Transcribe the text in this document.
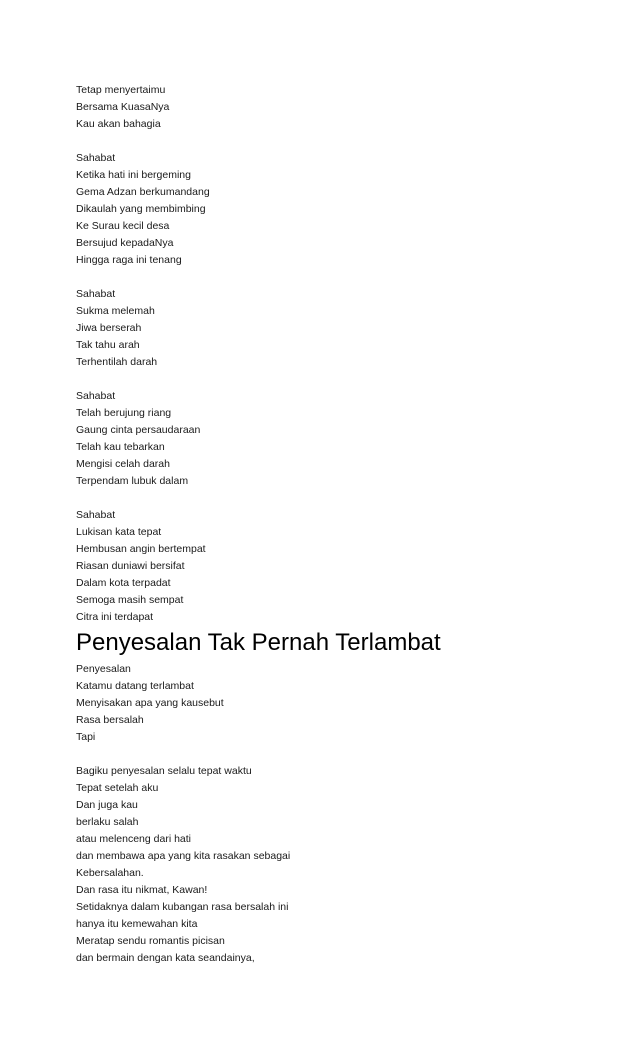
Tetap menyertaimu
Bersama KuasaNya
Kau akan bahagia
Sahabat
Ketika hati ini bergeming
Gema Adzan berkumandang
Dikaulah yang membimbing
Ke Surau kecil desa
Bersujud kepadaNya
Hingga raga ini tenang
Sahabat
Sukma melemah
Jiwa berserah
Tak tahu arah
Terhentilah darah
Sahabat
Telah berujung riang
Gaung cinta persaudaraan
Telah kau tebarkan
Mengisi celah darah
Terpendam lubuk dalam
Sahabat
Lukisan kata tepat
Hembusan angin bertempat
Riasan duniawi bersifat
Dalam kota terpadat
Semoga masih sempat
Citra ini terdapat
Penyesalan Tak Pernah Terlambat
Penyesalan
Katamu datang terlambat
Menyisakan apa yang kausebut
Rasa bersalah
Tapi
Bagiku penyesalan selalu tepat waktu
Tepat setelah aku
Dan juga kau
berlaku salah
atau melenceng dari hati
dan membawa apa yang kita rasakan sebagai
Kebersalahan.
Dan rasa itu nikmat, Kawan!
Setidaknya dalam kubangan rasa bersalah ini
hanya itu kemewahan kita
Meratap sendu romantis picisan
dan bermain dengan kata seandainya,
